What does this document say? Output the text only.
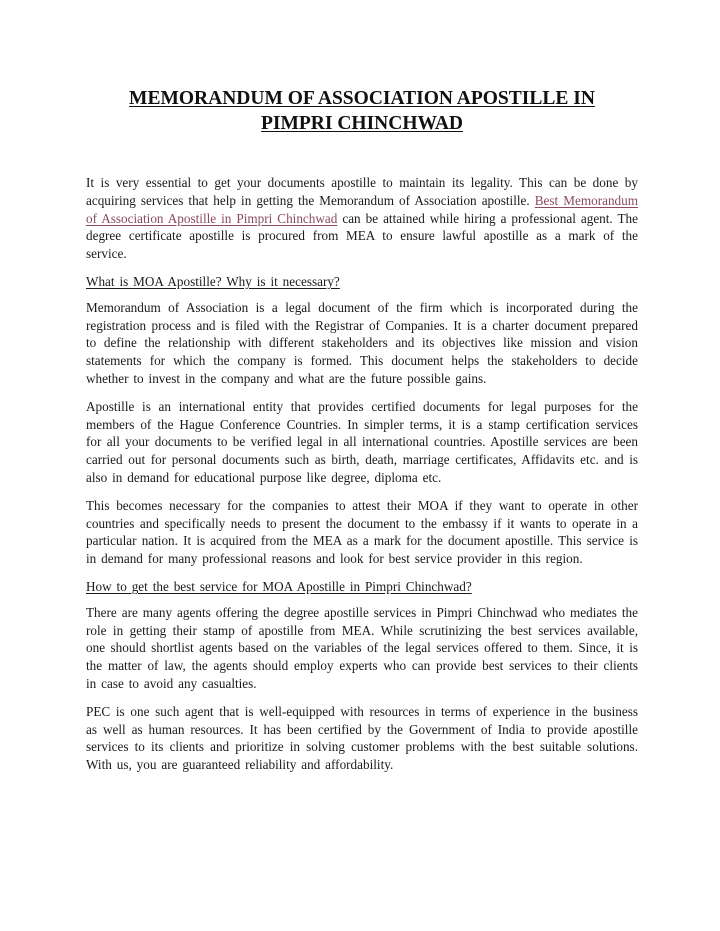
MEMORANDUM OF ASSOCIATION APOSTILLE IN
PIMPRI CHINCHWAD

It is very essential to get your documents apostille to maintain its legality. This can be done by acquiring services that help in getting the Memorandum of Association apostille. Best Memorandum of Association Apostille in Pimpri Chinchwad can be attained while hiring a professional agent. The degree certificate apostille is procured from MEA to ensure lawful apostille as a mark of the service.

What is MOA Apostille? Why is it necessary?

Memorandum of Association is a legal document of the firm which is incorporated during the registration process and is filed with the Registrar of Companies. It is a charter document prepared to define the relationship with different stakeholders and its objectives like mission and vision statements for which the company is formed. This document helps the stakeholders to decide whether to invest in the company and what are the future possible gains.

Apostille is an international entity that provides certified documents for legal purposes for the members of the Hague Conference Countries. In simpler terms, it is a stamp certification services for all your documents to be verified legal in all international countries. Apostille services are been carried out for personal documents such as birth, death, marriage certificates, Affidavits etc. and is also in demand for educational purpose like degree, diploma etc.

This becomes necessary for the companies to attest their MOA if they want to operate in other countries and specifically needs to present the document to the embassy if it wants to operate in a particular nation. It is acquired from the MEA as a mark for the document apostille. This service is in demand for many professional reasons and look for best service provider in this region.

How to get the best service for MOA Apostille in Pimpri Chinchwad?

There are many agents offering the degree apostille services in Pimpri Chinchwad who mediates the role in getting their stamp of apostille from MEA. While scrutinizing the best services available, one should shortlist agents based on the variables of the legal services offered to them. Since, it is the matter of law, the agents should employ experts who can provide best services to their clients in case to avoid any casualties.

PEC is one such agent that is well-equipped with resources in terms of experience in the business as well as human resources. It has been certified by the Government of India to provide apostille services to its clients and prioritize in solving customer problems with the best suitable solutions. With us, you are guaranteed reliability and affordability.
